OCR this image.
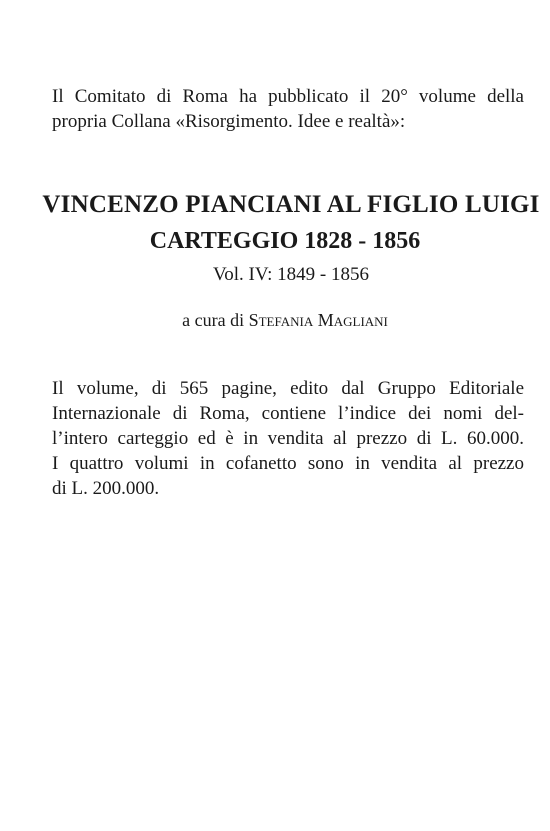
Il Comitato di Roma ha pubblicato il 20° volume della
propria Collana «Risorgimento. Idee e realtà»:

VINCENZO PIANCIANI AL FIGLIO LUIGI
CARTEGGIO 1828 - 1856
Vol. IV: 1849 - 1856
a cura di Stefania Magliani

Il volume, di 565 pagine, edito dal Gruppo Editoriale
Internazionale di Roma, contiene l’indice dei nomi del-
l’intero carteggio ed è in vendita al prezzo di L. 60.000.
I quattro volumi in cofanetto sono in vendita al prezzo
di L. 200.000.
